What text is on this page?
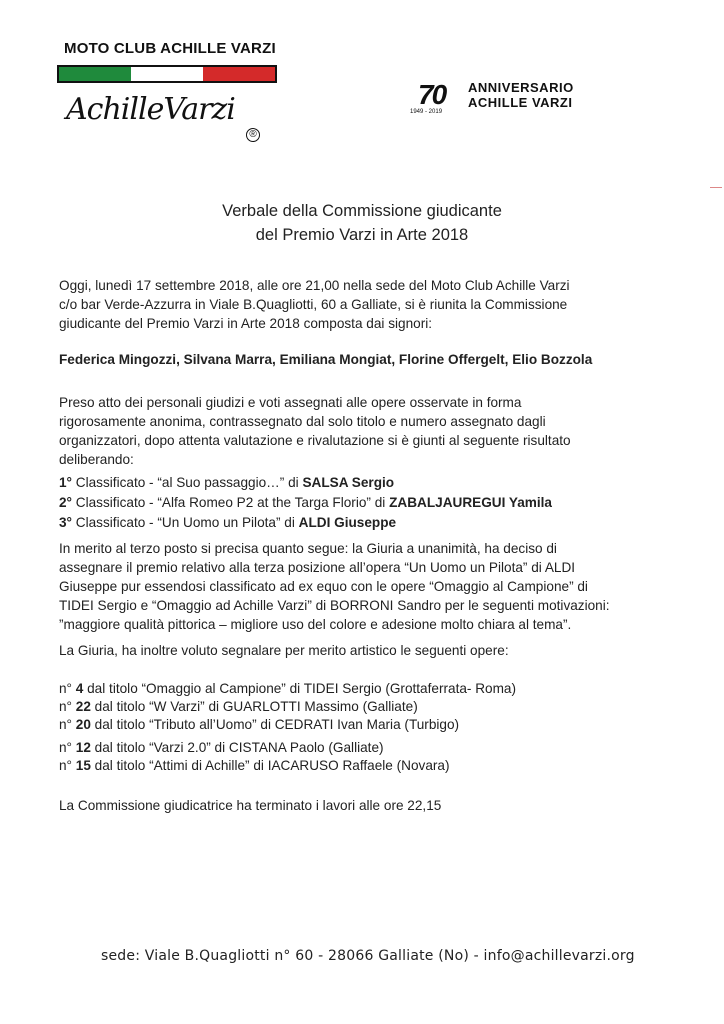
MOTO CLUB ACHILLE VARZI
AchilleVarzi
®
70 ANNIVERSARIO
ACHILLE VARZI
1949 - 2019
Verbale della Commissione giudicante
del Premio Varzi in Arte 2018
Oggi, lunedì 17 settembre 2018, alle ore 21,00 nella sede del Moto Club Achille Varzi
c/o bar Verde-Azzurra in Viale B.Quagliotti, 60 a Galliate, si è riunita la Commissione
giudicante del Premio Varzi in Arte 2018 composta dai signori:
Federica Mingozzi, Silvana Marra, Emiliana Mongiat, Florine Offergelt, Elio Bozzola
Preso atto dei personali giudizi e voti assegnati alle opere osservate in forma
rigorosamente anonima, contrassegnato dal solo titolo e numero assegnato dagli
organizzatori, dopo attenta valutazione e rivalutazione si è giunti al seguente risultato
deliberando:
1° Classificato - “al Suo passaggio…” di SALSA Sergio
2° Classificato - “Alfa Romeo P2 at the Targa Florio” di ZABALJAUREGUI Yamila
3° Classificato - “Un Uomo un Pilota” di ALDI Giuseppe
In merito al terzo posto si precisa quanto segue: la Giuria a unanimità, ha deciso di
assegnare il premio relativo alla terza posizione all’opera “Un Uomo un Pilota” di ALDI
Giuseppe pur essendosi classificato ad ex equo con le opere “Omaggio al Campione” di
TIDEI Sergio e “Omaggio ad Achille Varzi” di BORRONI Sandro per le seguenti motivazioni:
”maggiore qualità pittorica – migliore uso del colore e adesione molto chiara al tema”.
La Giuria, ha inoltre voluto segnalare per merito artistico le seguenti opere:
n° 4 dal titolo “Omaggio al Campione” di TIDEI Sergio (Grottaferrata- Roma)
n° 22 dal titolo “W Varzi” di GUARLOTTI Massimo (Galliate)
n° 20 dal titolo “Tributo all’Uomo” di CEDRATI Ivan Maria (Turbigo)
n° 12 dal titolo “Varzi 2.0” di CISTANA Paolo (Galliate)
n° 15 dal titolo “Attimi di Achille” di IACARUSO Raffaele (Novara)
La Commissione giudicatrice ha terminato i lavori alle ore 22,15
sede: Viale B.Quagliotti n° 60 - 28066 Galliate (No) - info@achillevarzi.org
